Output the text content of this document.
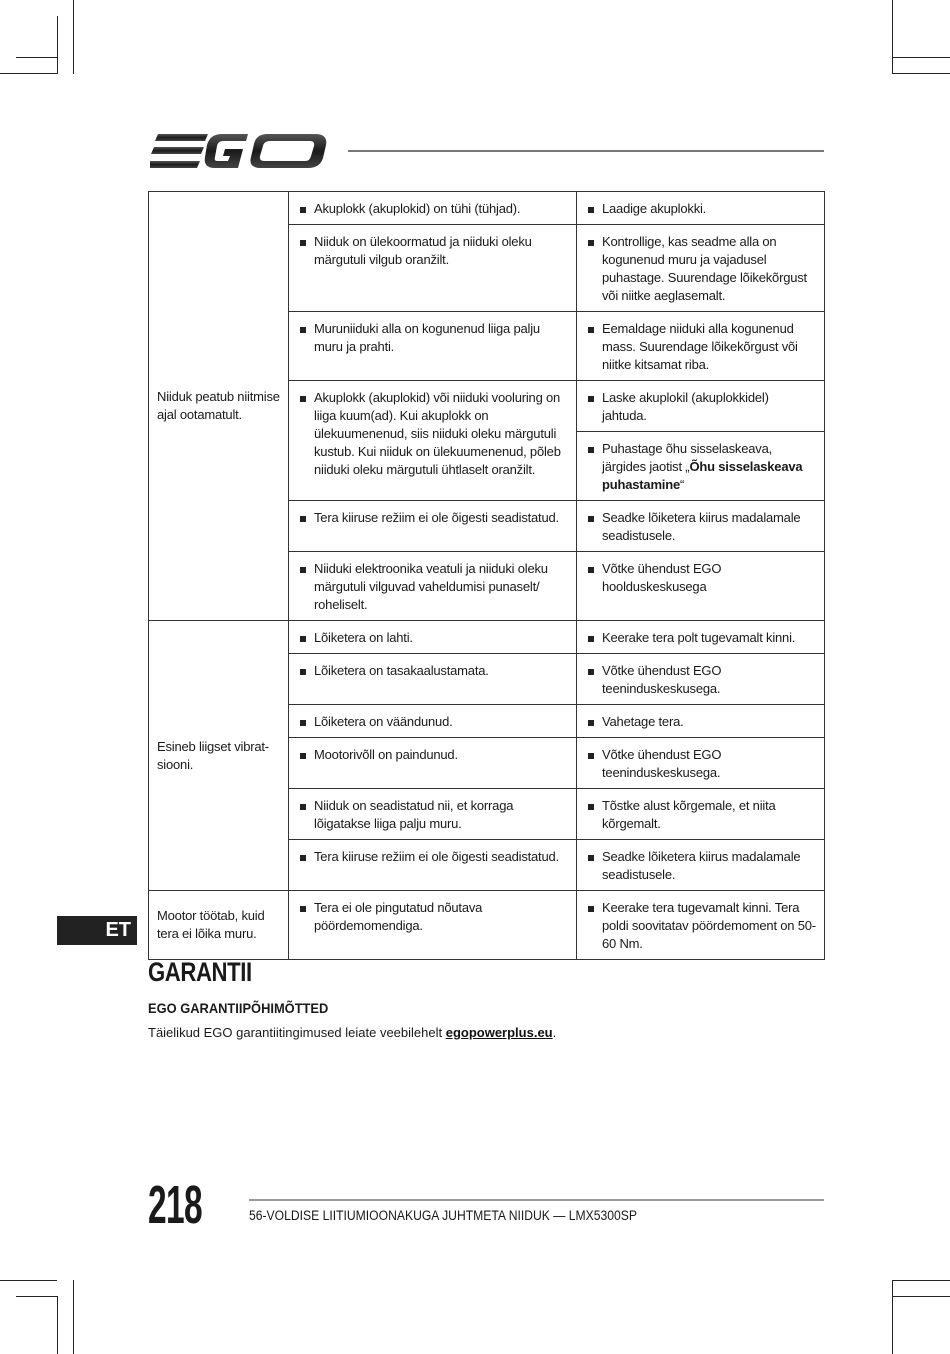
Niiduk peatub niitmise ajal ootamatult.	Akuplokk (akuplokid) on tühi (tühjad).	Laadige akuplokki.
	Niiduk on ülekoormatud ja niiduki oleku märgutuli vilgub oranžilt.	Kontrollige, kas seadme alla on kogunenud muru ja vajadusel puhastage. Suurendage lõikekõrgust või niitke aeglasemalt.
	Muruniiduki alla on kogunenud liiga palju muru ja prahti.	Eemaldage niiduki alla kogunenud mass. Suurendage lõikekõrgust või niitke kitsamat riba.
	Akuplokk (akuplokid) või niiduki vooluring on liiga kuum(ad). Kui akuplokk on ülekuumenenud, siis niiduki oleku märgutuli kustub. Kui niiduk on ülekuumenenud, põleb niiduki oleku märgutuli ühtlaselt oranžilt.	Laske akuplokil (akuplokkidel) jahtuda.
		Puhastage õhu sisselaskeava, järgides jaotist „Õhu sisselaskeava puhastamine“
	Tera kiiruse režiim ei ole õigesti seadistatud.	Seadke lõiketera kiirus madalamale seadistusele.
	Niiduki elektroonika veatuli ja niiduki oleku märgutuli vilguvad vaheldumisi punaselt/ roheliselt.	Võtke ühendust EGO hoolduskeskusega
Esineb liigset vibrat-siooni.	Lõiketera on lahti.	Keerake tera polt tugevamalt kinni.
	Lõiketera on tasakaalustamata.	Võtke ühendust EGO teeninduskeskusega.
	Lõiketera on väändunud.	Vahetage tera.
	Mootorivõll on paindunud.	Võtke ühendust EGO teeninduskeskusega.
	Niiduk on seadistatud nii, et korraga lõigatakse liiga palju muru.	Tõstke alust kõrgemale, et niita kõrgemalt.
	Tera kiiruse režiim ei ole õigesti seadistatud.	Seadke lõiketera kiirus madalamale seadistusele.
Mootor töötab, kuid tera ei lõika muru.	Tera ei ole pingutatud nõutava pöördemomendiga.	Keerake tera tugevamalt kinni. Tera poldi soovitatav pöördemoment on 50-60 Nm.
ET
GARANTII
EGO GARANTIIPÕHIMÕTTED
Täielikud EGO garantiitingimused leiate veebilehelt egopowerplus.eu.
218	56-VOLDISE LIITIUMIOONAKUGA JUHTMETA NIIDUK — LMX5300SP
